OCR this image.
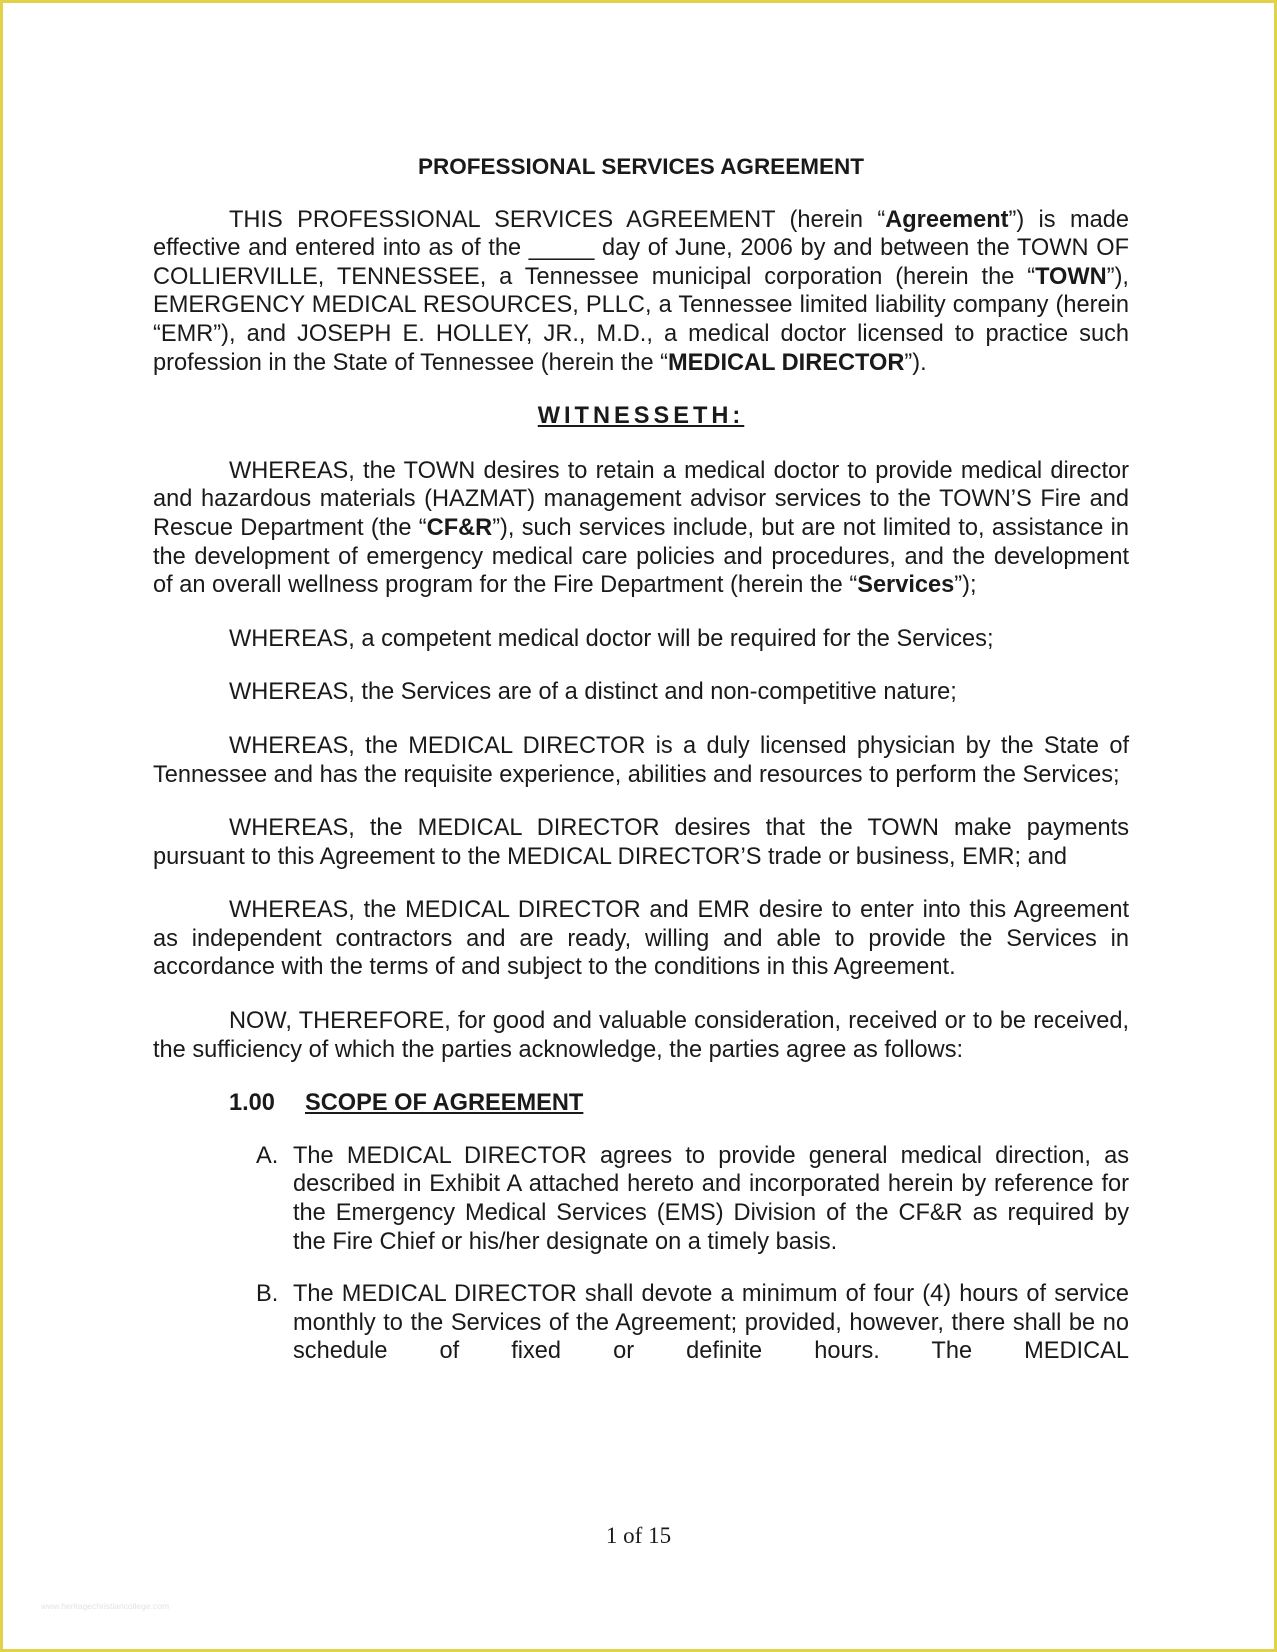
PROFESSIONAL SERVICES AGREEMENT

THIS PROFESSIONAL SERVICES AGREEMENT (herein “Agreement”) is made effective and entered into as of the _____ day of June, 2006 by and between the TOWN OF COLLIERVILLE, TENNESSEE, a Tennessee municipal corporation (herein the “TOWN”), EMERGENCY MEDICAL RESOURCES, PLLC, a Tennessee limited liability company (herein “EMR”), and JOSEPH E. HOLLEY, JR., M.D., a medical doctor licensed to practice such profession in the State of Tennessee (herein the “MEDICAL DIRECTOR”).

WITNESSETH:

WHEREAS, the TOWN desires to retain a medical doctor to provide medical director and hazardous materials (HAZMAT) management advisor services to the TOWN’S Fire and Rescue Department (the “CF&R”), such services include, but are not limited to, assistance in the development of emergency medical care policies and procedures, and the development of an overall wellness program for the Fire Department (herein the “Services”);

WHEREAS, a competent medical doctor will be required for the Services;

WHEREAS, the Services are of a distinct and non-competitive nature;

WHEREAS, the MEDICAL DIRECTOR is a duly licensed physician by the State of Tennessee and has the requisite experience, abilities and resources to perform the Services;

WHEREAS, the MEDICAL DIRECTOR desires that the TOWN make payments pursuant to this Agreement to the MEDICAL DIRECTOR’S trade or business, EMR; and

WHEREAS, the MEDICAL DIRECTOR and EMR desire to enter into this Agreement as independent contractors and are ready, willing and able to provide the Services in accordance with the terms of and subject to the conditions in this Agreement.

NOW, THEREFORE, for good and valuable consideration, received or to be received, the sufficiency of which the parties acknowledge, the parties agree as follows:

1.00 SCOPE OF AGREEMENT
A. The MEDICAL DIRECTOR agrees to provide general medical direction, as described in Exhibit A attached hereto and incorporated herein by reference for the Emergency Medical Services (EMS) Division of the CF&R as required by the Fire Chief or his/her designate on a timely basis.

B. The MEDICAL DIRECTOR shall devote a minimum of four (4) hours of service monthly to the Services of the Agreement; provided, however, there shall be no schedule of fixed or definite hours. The MEDICAL

1 of 15
www.heritagechristiancollege.com
